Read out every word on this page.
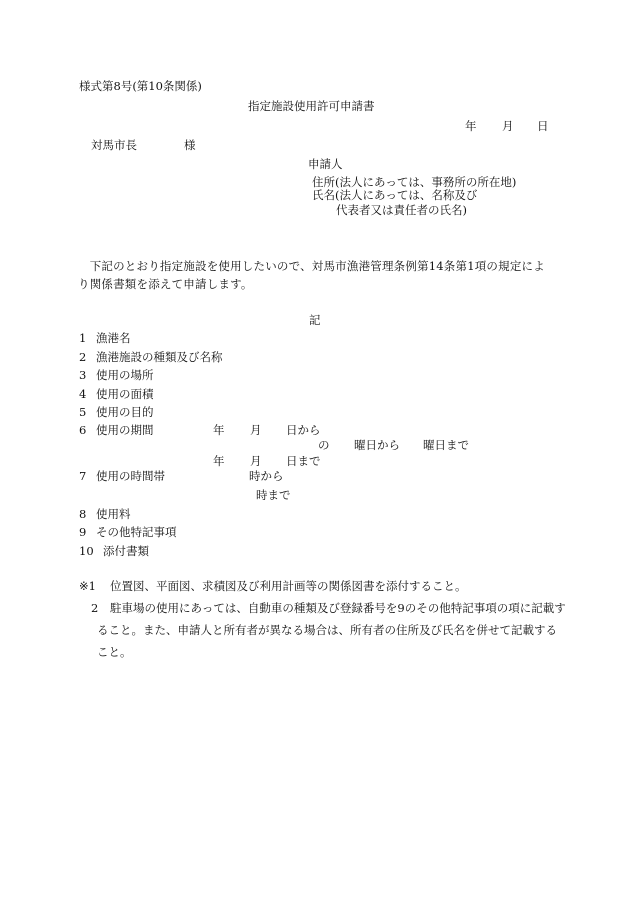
様式第8号(第10条関係)
指定施設使用許可申請書
年 月 日
対馬市長	様
申請人
住所(法人にあっては、事務所の所在地)
氏名(法人にあっては、名称及び
代表者又は責任者の氏名)
　下記のとおり指定施設を使用したいので、対馬市漁港管理条例第14条第1項の規定により関係書類を添えて申請します。
記
1 漁港名
2 漁港施設の種類及び名称
3 使用の場所
4 使用の面積
5 使用の目的
6 使用の期間	年 月 日から
の 曜日から 曜日まで
年 月 日まで
7 使用の時間帯	時から
時まで
8 使用料
9 その他特記事項
10 添付書類
※1 位置図、平面図、求積図及び利用計画等の関係図書を添付すること。
2	駐車場の使用にあっては、自動車の種類及び登録番号を9のその他特記事項の項に記載すること。また、申請人と所有者が異なる場合は、所有者の住所及び氏名を併せて記載すること。
